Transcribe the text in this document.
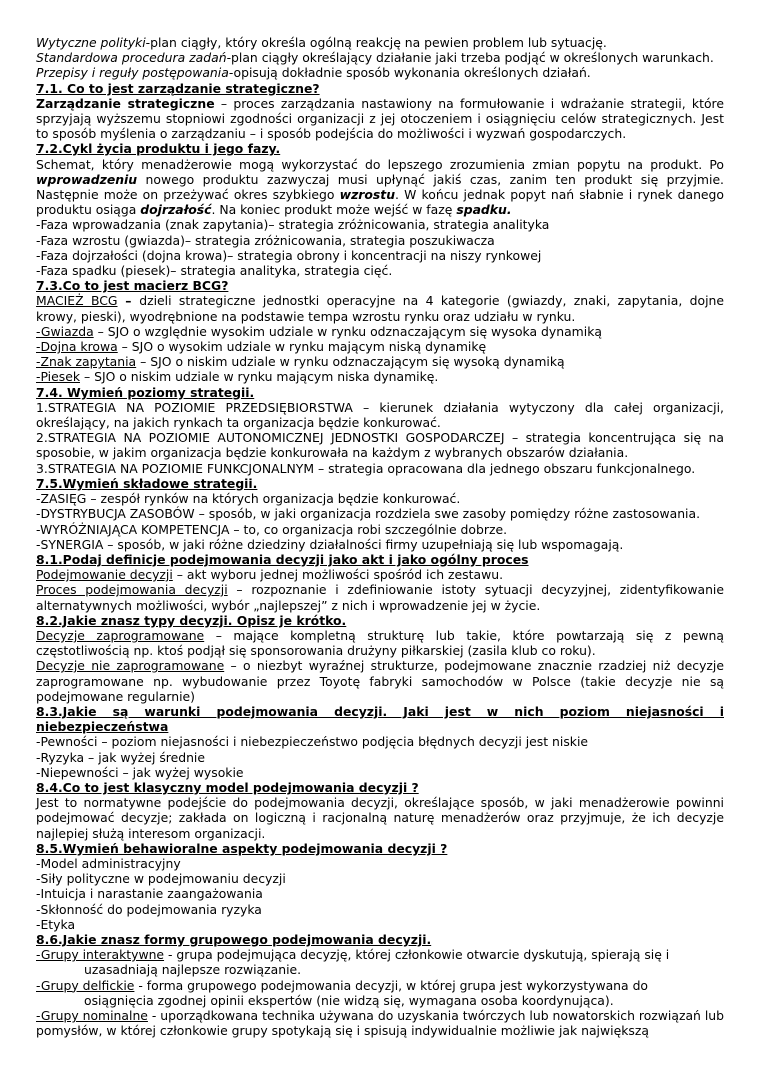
Wytyczne polityki-plan ciągły, który określa ogólną reakcję na pewien problem lub sytuację.

Standardowa procedura zadań-plan ciągły określający działanie jaki trzeba podjąć w określonych warunkach.

Przepisy i reguły postępowania-opisują dokładnie sposób wykonania określonych działań.

7.1. Co to jest zarządzanie strategiczne?

Zarządzanie strategiczne – proces zarządzania nastawiony na formułowanie i wdrażanie strategii, które sprzyjają wyższemu stopniowi zgodności organizacji z jej otoczeniem i osiągnięciu celów strategicznych. Jest to sposób myślenia o zarządzaniu – i sposób podejścia do możliwości i wyzwań gospodarczych.

7.2.Cykl życia produktu i jego fazy.

Schemat, który menadżerowie mogą wykorzystać do lepszego zrozumienia zmian popytu na produkt. Po wprowadzeniu nowego produktu zazwyczaj musi upłynąć jakiś czas, zanim ten produkt się przyjmie. Następnie może on przeżywać okres szybkiego wzrostu. W końcu jednak popyt nań słabnie i rynek danego produktu osiąga dojrzałość. Na koniec produkt może wejść w fazę spadku.

-Faza wprowadzania (znak zapytania)– strategia zróżnicowania, strategia analityka

-Faza wzrostu (gwiazda)– strategia zróżnicowania, strategia poszukiwacza

-Faza dojrzałości (dojna krowa)– strategia obrony i koncentracji na niszy rynkowej

-Faza spadku (piesek)– strategia analityka, strategia cięć.

7.3.Co to jest macierz BCG?

MACIEŻ BCG – dzieli strategiczne jednostki operacyjne na 4 kategorie (gwiazdy, znaki, zapytania, dojne krowy, pieski), wyodrębnione na podstawie tempa wzrostu rynku oraz udziału w rynku.

-Gwiazda – SJO o względnie wysokim udziale w rynku odznaczającym się wysoka dynamiką

-Dojna krowa – SJO o wysokim udziale w rynku mającym niską dynamikę

-Znak zapytania – SJO o niskim udziale w rynku odznaczającym się wysoką dynamiką

-Piesek – SJO o niskim udziale w rynku mającym niska dynamikę.

7.4. Wymień poziomy strategii.

1.STRATEGIA NA POZIOMIE PRZEDSIĘBIORSTWA – kierunek działania wytyczony dla całej organizacji, określający, na jakich rynkach ta organizacja będzie konkurować.

2.STRATEGIA NA POZIOMIE AUTONOMICZNEJ JEDNOSTKI GOSPODARCZEJ – strategia koncentrująca się na sposobie, w jakim organizacja będzie konkurowała na każdym z wybranych obszarów działania.

3.STRATEGIA NA POZIOMIE FUNKCJONALNYM – strategia opracowana dla jednego obszaru funkcjonalnego.

7.5.Wymień składowe strategii.

-ZASIĘG – zespół rynków na których organizacja będzie konkurować.

-DYSTRYBUCJA ZASOBÓW – sposób, w jaki organizacja rozdziela swe zasoby pomiędzy różne zastosowania.

-WYRÓŻNIAJĄCA KOMPETENCJA – to, co organizacja robi szczególnie dobrze.

-SYNERGIA – sposób, w jaki różne dziedziny działalności firmy uzupełniają się lub wspomagają.

8.1.Podaj definicje podejmowania decyzji jako akt i jako ogólny proces

Podejmowanie decyzji – akt wyboru jednej możliwości spośród ich zestawu.

Proces podejmowania decyzji – rozpoznanie i zdefiniowanie istoty sytuacji decyzyjnej, zidentyfikowanie alternatywnych możliwości, wybór „najlepszej” z nich i wprowadzenie jej w życie.

8.2.Jakie znasz typy decyzji. Opisz je krótko.

Decyzje zaprogramowane – mające kompletną strukturę lub takie, które powtarzają się z pewną częstotliwością np. ktoś podjął się sponsorowania drużyny piłkarskiej (zasila klub co roku).

Decyzje nie zaprogramowane – o niezbyt wyraźnej strukturze, podejmowane znacznie rzadziej niż decyzje zaprogramowane np. wybudowanie przez Toyotę fabryki samochodów w Polsce (takie decyzje nie są podejmowane regularnie)

8.3.Jakie są warunki podejmowania decyzji. Jaki jest w nich poziom niejasności i niebezpieczeństwa

-Pewności – poziom niejasności i niebezpieczeństwo podjęcia błędnych decyzji jest niskie

-Ryzyka – jak wyżej średnie

-Niepewności – jak wyżej wysokie

8.4.Co to jest klasyczny model podejmowania decyzji ?

Jest to normatywne podejście do podejmowania decyzji, określające sposób, w jaki menadżerowie powinni podejmować decyzje; zakłada on logiczną i racjonalną naturę menadżerów oraz przyjmuje, że ich decyzje najlepiej służą interesom organizacji.

8.5.Wymień behawioralne aspekty podejmowania decyzji ?

-Model administracyjny

-Siły polityczne w podejmowaniu decyzji

-Intuicja i narastanie zaangażowania

-Skłonność do podejmowania ryzyka

-Etyka

8.6.Jakie znasz formy grupowego podejmowania decyzji.

-Grupy interaktywne - grupa podejmująca decyzję, której członkowie otwarcie dyskutują, spierają się i

uzasadniają najlepsze rozwiązanie.

-Grupy delfickie - forma grupowego podejmowania decyzji, w której grupa jest wykorzystywana do

osiągnięcia zgodnej opinii ekspertów (nie widzą się, wymagana osoba koordynująca).

-Grupy nominalne - uporządkowana technika używana do uzyskania twórczych lub nowatorskich rozwiązań lub pomysłów, w której członkowie grupy spotykają się i spisują indywidualnie możliwie jak największą
